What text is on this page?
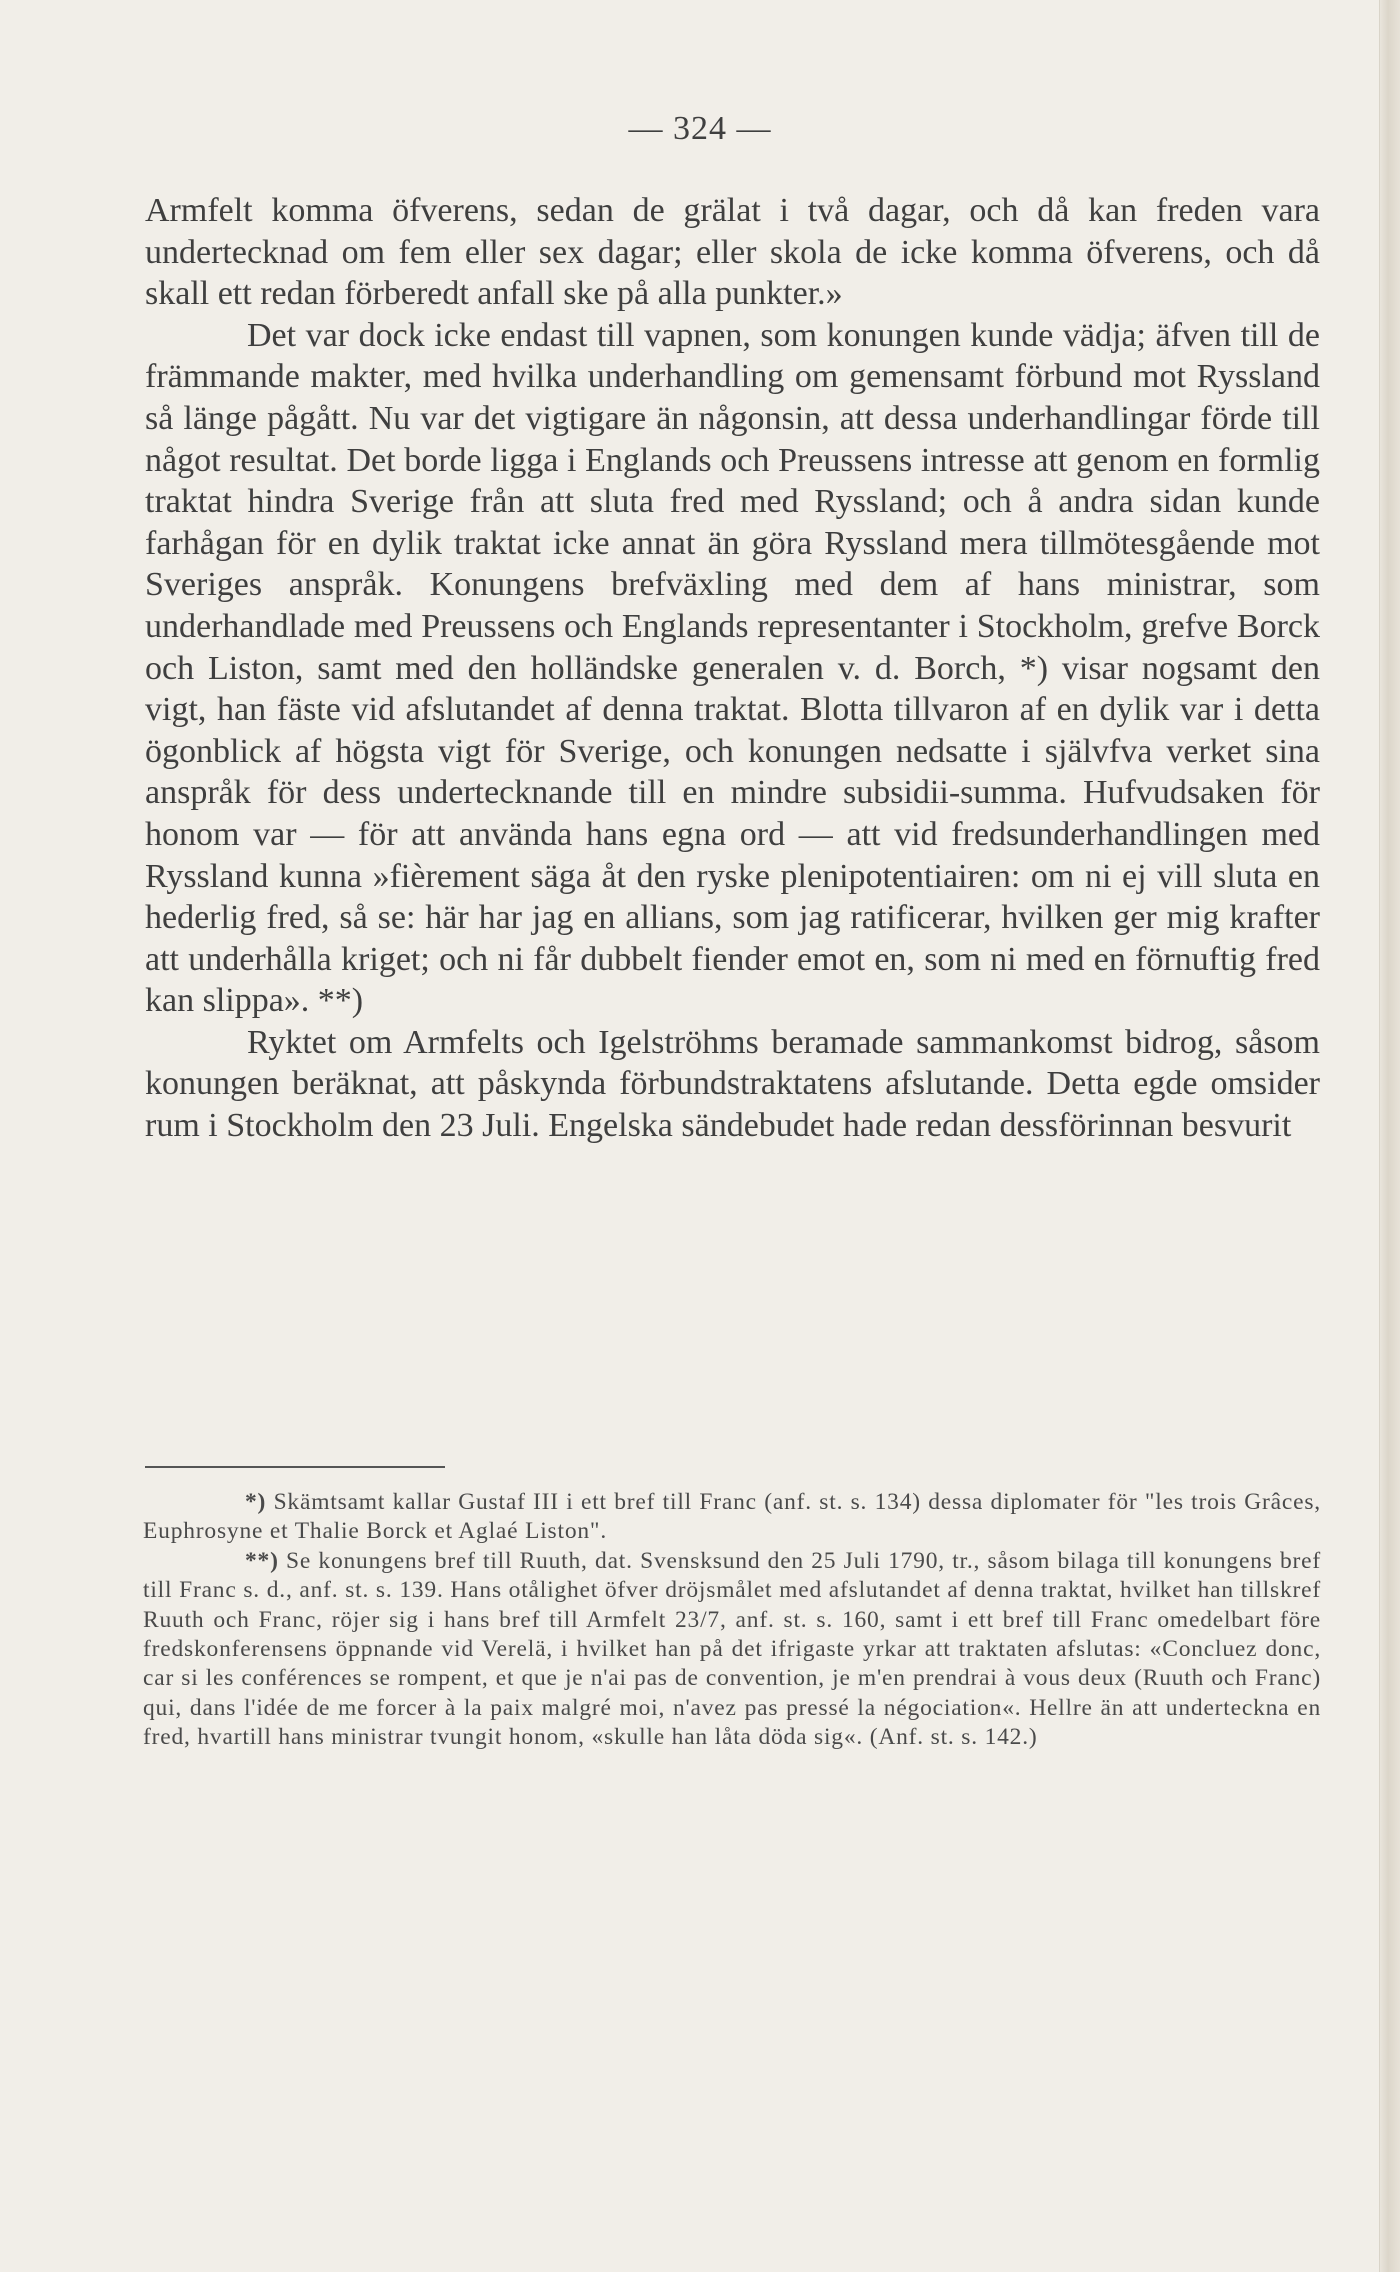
— 324 —

Armfelt komma öfverens, sedan de grälat i två dagar, och då kan freden vara undertecknad om fem eller sex dagar; eller skola de icke komma öfverens, och då skall ett redan förberedt anfall ske på alla punkter.»

Det var dock icke endast till vapnen, som konungen kunde vädja; äfven till de främmande makter, med hvilka underhandling om gemensamt förbund mot Ryssland så länge pågått. Nu var det vigtigare än någonsin, att dessa underhandlingar förde till något resultat. Det borde ligga i Englands och Preussens intresse att genom en formlig traktat hindra Sverige från att sluta fred med Ryssland; och å andra sidan kunde farhågan för en dylik traktat icke annat än göra Ryssland mera tillmötesgående mot Sveriges anspråk. Konungens brefväxling med dem af hans ministrar, som underhandlade med Preussens och Englands representanter i Stockholm, grefve Borck och Liston, samt med den holländske generalen v. d. Borch, *) visar nogsamt den vigt, han fäste vid afslutandet af denna traktat. Blotta tillvaron af en dylik var i detta ögonblick af högsta vigt för Sverige, och konungen nedsatte i självfva verket sina anspråk för dess undertecknande till en mindre subsidii-summa. Hufvudsaken för honom var — för att använda hans egna ord — att vid fredsunderhandlingen med Ryssland kunna »fièrement säga åt den ryske plenipotentiairen: om ni ej vill sluta en hederlig fred, så se: här har jag en allians, som jag ratificerar, hvilken ger mig krafter att underhålla kriget; och ni får dubbelt fiender emot en, som ni med en förnuftig fred kan slippa». **)

Ryktet om Armfelts och Igelströhms beramade sammankomst bidrog, såsom konungen beräknat, att påskynda förbundstraktatens afslutande. Detta egde omsider rum i Stockholm den 23 Juli. Engelska sändebudet hade redan dessförinnan besvurit

*) Skämtsamt kallar Gustaf III i ett bref till Franc (anf. st. s. 134) dessa diplomater för "les trois Grâces, Euphrosyne et Thalie Borck et Aglaé Liston".

**) Se konungens bref till Ruuth, dat. Svensksund den 25 Juli 1790, tr., såsom bilaga till konungens bref till Franc s. d., anf. st. s. 139. Hans otålighet öfver dröjsmålet med afslutandet af denna traktat, hvilket han tillskref Ruuth och Franc, röjer sig i hans bref till Armfelt 23/7, anf. st. s. 160, samt i ett bref till Franc omedelbart före fredskonferensens öppnande vid Verelä, i hvilket han på det ifrigaste yrkar att traktaten afslutas: «Concluez donc, car si les conférences se rompent, et que je n'ai pas de convention, je m'en prendrai à vous deux (Ruuth och Franc) qui, dans l'idée de me forcer à la paix malgré moi, n'avez pas pressé la négociation«. Hellre än att underteckna en fred, hvartill hans ministrar tvungit honom, «skulle han låta döda sig«. (Anf. st. s. 142.)
